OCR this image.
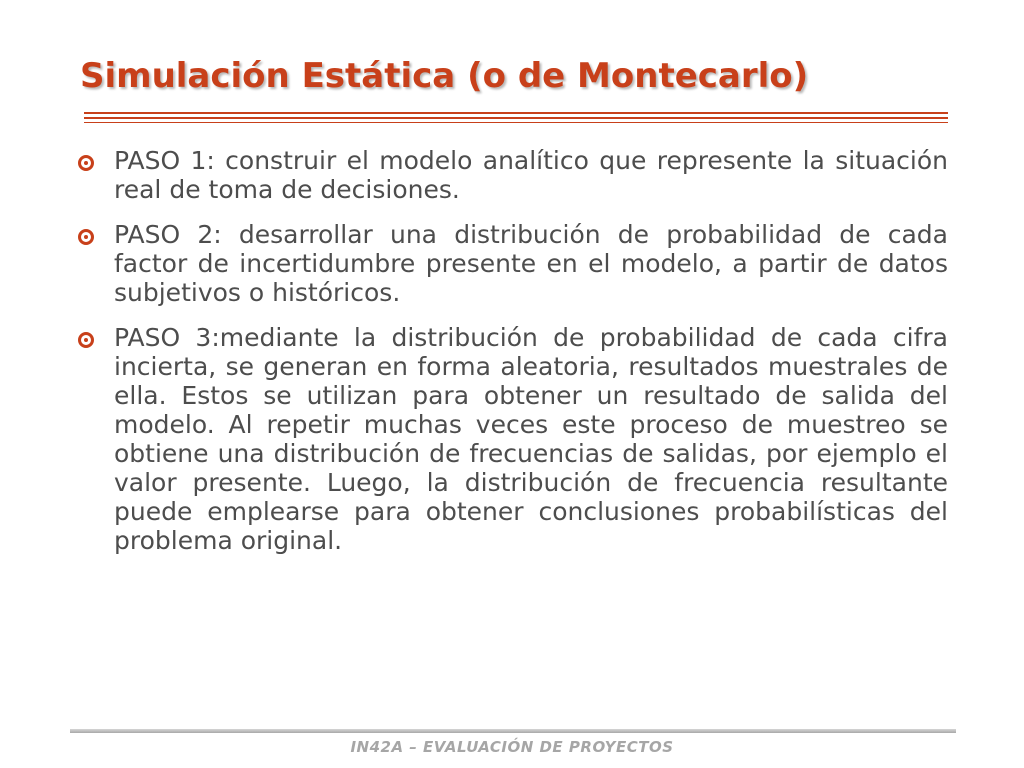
Simulación Estática (o de Montecarlo)
PASO 1: construir el modelo analítico que represente la situación real de toma de decisiones.
PASO 2: desarrollar una distribución de probabilidad de cada factor de incertidumbre presente en el modelo, a partir de datos subjetivos o históricos.
PASO 3:mediante la distribución de probabilidad de cada cifra incierta, se generan en forma aleatoria, resultados muestrales de ella. Estos se utilizan para obtener un resultado de salida del modelo. Al repetir muchas veces este proceso de muestreo se obtiene una distribución de frecuencias de salidas, por ejemplo el valor presente. Luego, la distribución de frecuencia resultante puede emplearse para obtener conclusiones probabilísticas del problema original.
IN42A – EVALUACIÓN DE PROYECTOS
